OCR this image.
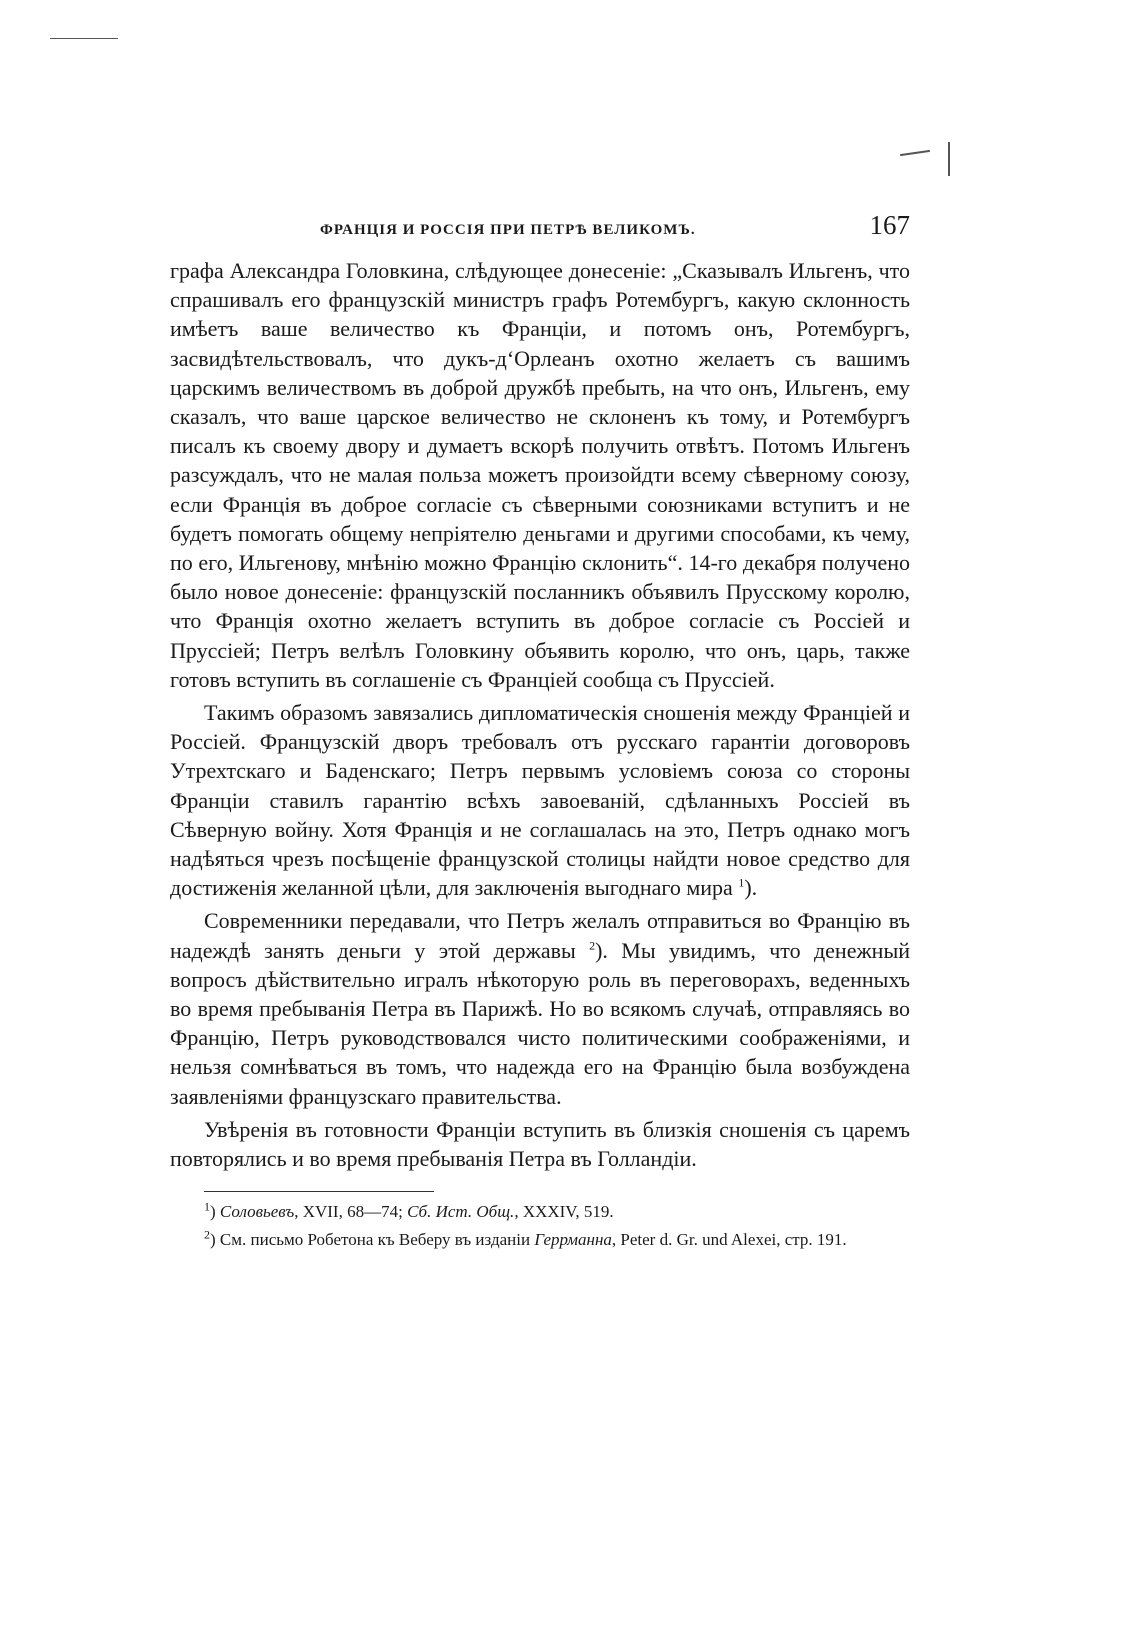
ФРАНЦІЯ И РОССІЯ ПРИ ПЕТРѢ ВЕЛИКОМЪ.	167

графа Александра Головкина, слѣдующее донесеніе: „Сказывалъ Ильгенъ, что спрашивалъ его французскій министръ графъ Ротембургъ, какую склонность имѣетъ ваше величество къ Франціи, и потомъ онъ, Ротембургъ, засвидѣтельствовалъ, что дукъ-д‘Орлеанъ охотно желаетъ съ вашимъ царскимъ величествомъ въ доброй дружбѣ пребыть, на что онъ, Ильгенъ, ему сказалъ, что ваше царское величество не склоненъ къ тому, и Ротембургъ писалъ къ своему двору и думаетъ вскорѣ получить отвѣтъ. Потомъ Ильгенъ разсуждалъ, что не малая польза можетъ произойдти всему сѣверному союзу, если Франція въ доброе согласіе съ сѣверными союзниками вступитъ и не будетъ помогать общему непріятелю деньгами и другими способами, къ чему, по его, Ильгенову, мнѣнію можно Францію склонить“. 14-го декабря получено было новое донесеніе: французскій посланникъ объявилъ Прусскому королю, что Франція охотно желаетъ вступить въ доброе согласіе съ Россіей и Пруссіей; Петръ велѣлъ Головкину объявить королю, что онъ, царь, также готовъ вступить въ соглашеніе съ Франціей сообща съ Пруссіей.

Такимъ образомъ завязались дипломатическія сношенія между Франціей и Россіей. Французскій дворъ требовалъ отъ русскаго гарантіи договоровъ Утрехтскаго и Баденскаго; Петръ первымъ условіемъ союза со стороны Франціи ставилъ гарантію всѣхъ завоеваній, сдѣланныхъ Россіей въ Сѣверную войну. Хотя Франція и не соглашалась на это, Петръ однако могъ надѣяться чрезъ посѣщеніе французской столицы найдти новое средство для достиженія желанной цѣли, для заключенія выгоднаго мира $^1$).

Современники передавали, что Петръ желалъ отправиться во Францію въ надеждѣ занять деньги у этой державы $^2$). Мы увидимъ, что денежный вопросъ дѣйствительно игралъ нѣкоторую роль въ переговорахъ, веденныхъ во время пребыванія Петра въ Парижѣ. Но во всякомъ случаѣ, отправляясь во Францію, Петръ руководствовался чисто политическими соображеніями, и нельзя сомнѣваться въ томъ, что надежда его на Францію была возбуждена заявленіями французскаго правительства.

Увѣренія въ готовности Франціи вступить въ близкія сношенія съ царемъ повторялись и во время пребыванія Петра въ Голландіи.

$^1$) Соловьевъ, XVII, 68—74; Сб. Ист. Общ., XXXIV, 519.

$^2$) См. письмо Робетона къ Веберу въ изданіи Геррманна, Peter d. Gr. und Alexei, стр. 191.
